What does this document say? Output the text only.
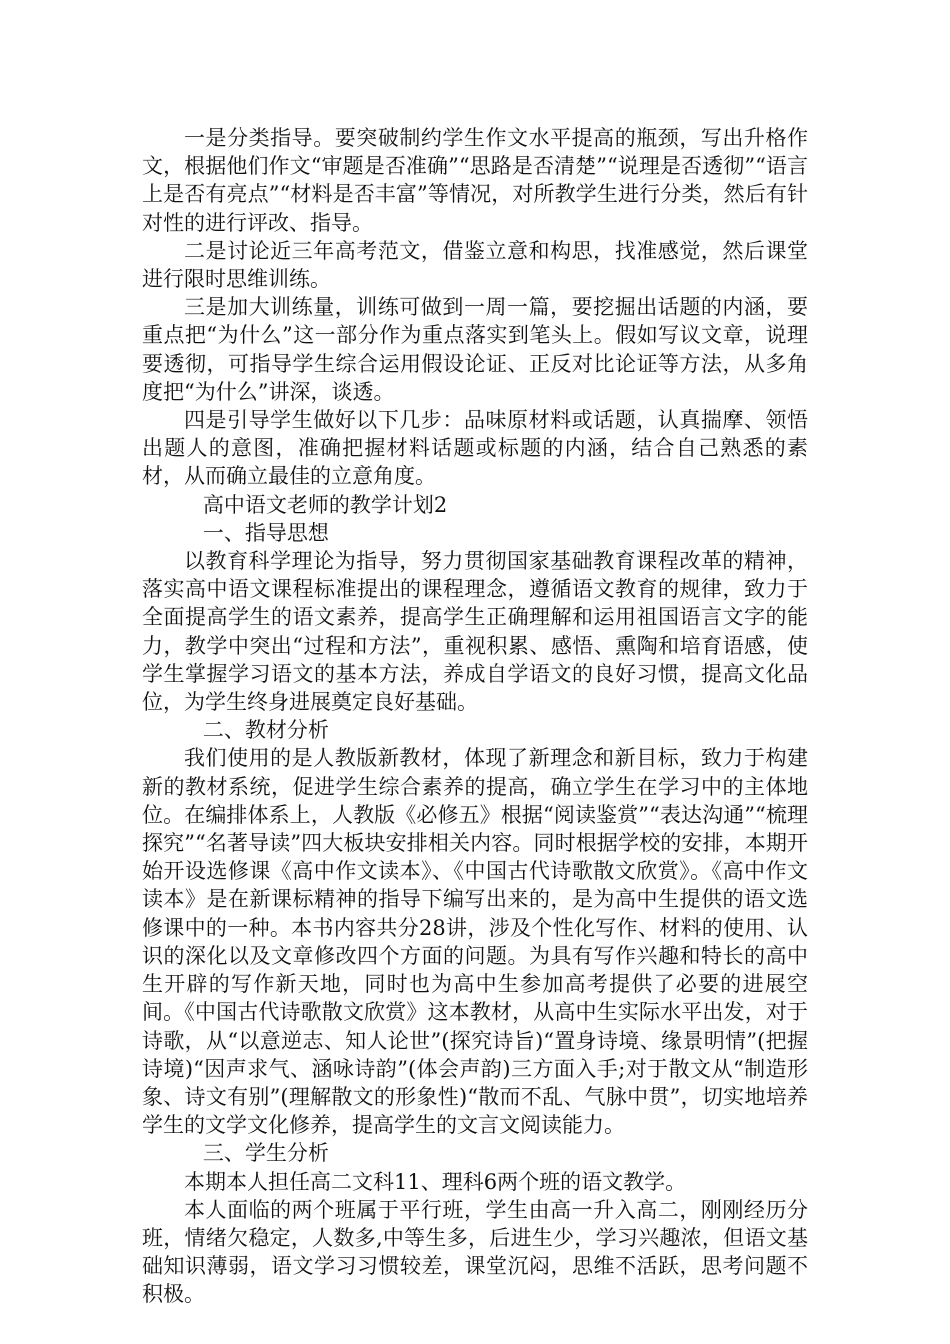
一是分类指导。要突破制约学生作文水平提高的瓶颈，写出升格作文，根据他们作文“审题是否准确”“思路是否清楚”“说理是否透彻”“语言上是否有亮点”“材料是否丰富”等情况，对所教学生进行分类，然后有针对性的进行评改、指导。

二是讨论近三年高考范文，借鉴立意和构思，找准感觉，然后课堂进行限时思维训练。

三是加大训练量，训练可做到一周一篇，要挖掘出话题的内涵，要重点把“为什么”这一部分作为重点落实到笔头上。假如写议文章，说理要透彻，可指导学生综合运用假设论证、正反对比论证等方法，从多角度把“为什么”讲深，谈透。

四是引导学生做好以下几步：品味原材料或话题，认真揣摩、领悟出题人的意图，准确把握材料话题或标题的内涵，结合自己熟悉的素材，从而确立最佳的立意角度。

高中语文老师的教学计划2

一、指导思想

以教育科学理论为指导，努力贯彻国家基础教育课程改革的精神，落实高中语文课程标准提出的课程理念，遵循语文教育的规律，致力于全面提高学生的语文素养，提高学生正确理解和运用祖国语言文字的能力，教学中突出“过程和方法”，重视积累、感悟、熏陶和培育语感，使学生掌握学习语文的基本方法，养成自学语文的良好习惯，提高文化品位，为学生终身进展奠定良好基础。

二、教材分析

我们使用的是人教版新教材，体现了新理念和新目标，致力于构建新的教材系统，促进学生综合素养的提高，确立学生在学习中的主体地位。在编排体系上，人教版《必修五》根据“阅读鉴赏”“表达沟通”“梳理探究”“名著导读”四大板块安排相关内容。同时根据学校的安排，本期开始开设选修课《高中作文读本》、《中国古代诗歌散文欣赏》。《高中作文读本》是在新课标精神的指导下编写出来的，是为高中生提供的语文选修课中的一种。本书内容共分28讲，涉及个性化写作、材料的使用、认识的深化以及文章修改四个方面的问题。为具有写作兴趣和特长的高中生开辟的写作新天地，同时也为高中生参加高考提供了必要的进展空间。《中国古代诗歌散文欣赏》这本教材，从高中生实际水平出发，对于诗歌，从“以意逆志、知人论世”(探究诗旨)“置身诗境、缘景明情”(把握诗境)“因声求气、涵咏诗韵”(体会声韵)三方面入手;对于散文从“制造形象、诗文有别”(理解散文的形象性)“散而不乱、气脉中贯”，切实地培养学生的文学文化修养，提高学生的文言文阅读能力。

三、学生分析

本期本人担任高二文科11、理科6两个班的语文教学。

本人面临的两个班属于平行班，学生由高一升入高二，刚刚经历分班，情绪欠稳定，人数多,中等生多，后进生少，学习兴趣浓，但语文基础知识薄弱，语文学习习惯较差，课堂沉闷，思维不活跃，思考问题不积极。
